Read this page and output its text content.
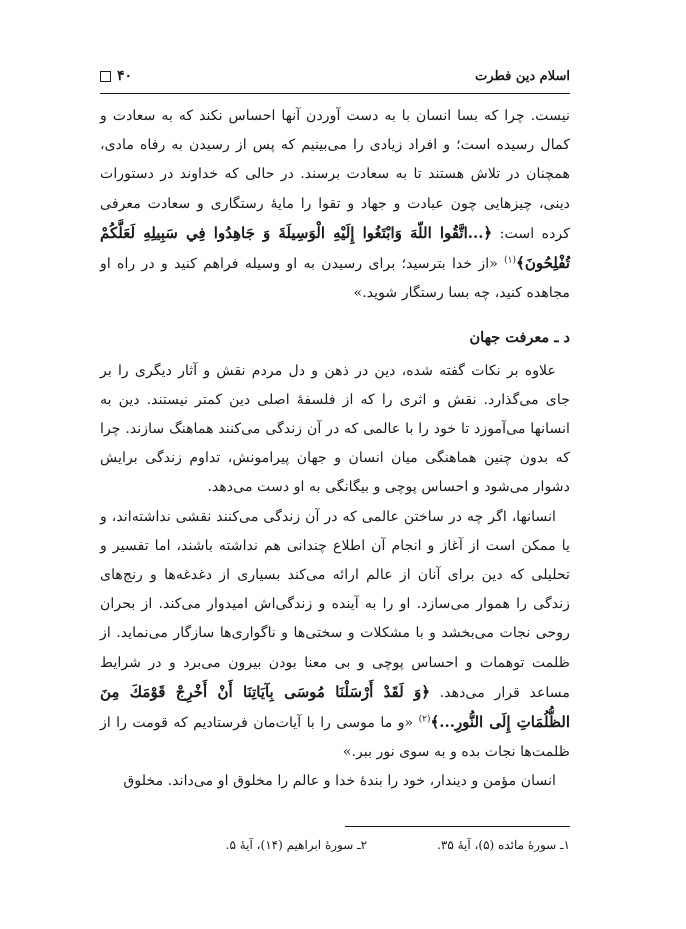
۴۰	اسلام دین فطرت

نیست. چرا که بسا انسان با به دست آوردن آنها احساس نکند که به سعادت و کمال رسیده است؛ و افراد زیادی را می‌بینیم که پس از رسیدن به رفاه مادی، همچنان در تلاش هستند تا به سعادت برسند. در حالی که خداوند در دستورات دینی، چیزهایی چون عبادت و جهاد و تقوا را مایهٔ رستگاری و سعادت معرفی کرده است: ﴿...اتَّقُوا اللّهَ وَابْتَغُوا إِلَيْهِ الْوَسِيلَةَ وَ جَاهِدُوا فِي سَبِيلِهِ لَعَلَّكُمْ تُفْلِحُونَ﴾$^{(۱)}$ «از خدا بترسید؛ برای رسیدن به او وسیله فراهم کنید و در راه او مجاهده کنید، چه بسا رستگار شوید.»

د ـ معرفت جهان

علاوه بر نکات گفته شده، دین در ذهن و دل مردم نقش و آثار دیگری را بر جای می‌گذارد. نقش و اثری را که از فلسفهٔ اصلی دین کمتر نیستند. دین به انسانها می‌آموزد تا خود را با عالمی که در آن زندگی می‌کنند هماهنگ سازند. چرا که بدون چنین هماهنگی میان انسان و جهان پیرامونش، تداوم زندگی برایش دشوار می‌شود و احساس پوچی و بیگانگی به او دست می‌دهد.

انسانها، اگر چه در ساختن عالمی که در آن زندگی می‌کنند نقشی نداشته‌اند، و یا ممکن است از آغاز و انجام آن اطلاع چندانی هم نداشته باشند، اما تفسیر و تحلیلی که دین برای آنان از عالم ارائه می‌کند بسیاری از دغدغه‌ها و رنج‌های زندگی را هموار می‌سازد. او را به آینده و زندگی‌اش امیدوار می‌کند. از بحران روحی نجات می‌بخشد و با مشکلات و سختی‌ها و ناگواری‌ها سازگار می‌نماید. از ظلمت توهمات و احساس پوچی و بی معنا بودن بیرون می‌برد و در شرایط مساعد قرار می‌دهد. ﴿وَ لَقَدْ أَرْسَلْنَا مُوسَى بِآيَاتِنَا أَنْ أَخْرِجْ قَوْمَكَ مِنَ الظُّلُمَاتِ إِلَى النُّورِ...﴾$^{(۲)}$ «و ما موسی را با آیات‌مان فرستادیم که قومت را از ظلمت‌ها نجات بده و به سوی نور ببر.»

انسان مؤمن و دیندار، خود را بندهٔ خدا و عالم را مخلوق او می‌داند. مخلوق

۱ـ سورهٔ مائده (۵)، آیهٔ ۳۵.
۲ـ سورهٔ ابراهیم (۱۴)، آیهٔ ۵.
